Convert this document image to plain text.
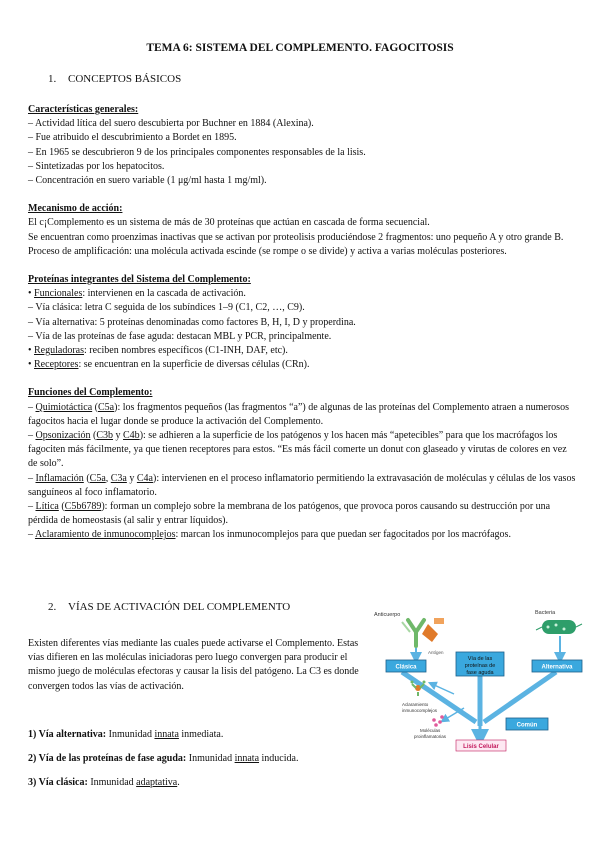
TEMA 6: SISTEMA DEL COMPLEMENTO. FAGOCITOSIS
1. CONCEPTOS BÁSICOS

Características generales:

– Actividad lítica del suero descubierta por Buchner en 1884 (Alexina).

– Fue atribuido el descubrimiento a Bordet en 1895.

– En 1965 se descubrieron 9 de los principales componentes responsables de la lisis.

– Sintetizadas por los hepatocitos.

– Concentración en suero variable (1 μg/ml hasta 1 mg/ml).

Mecanismo de acción:

El c¡Complemento es un sistema de más de 30 proteínas que actúan en cascada de forma secuencial.

Se encuentran como proenzimas inactivas que se activan por proteolisis produciéndose 2 fragmentos: uno pequeño A y otro grande B.

Proceso de amplificación: una molécula activada escinde (se rompe o se divide) y activa a varias moléculas posteriores.

Proteínas integrantes del Sistema del Complemento:

• Funcionales: intervienen en la cascada de activación.

– Vía clásica: letra C seguida de los subíndices 1–9 (C1, C2, …, C9).

– Vía alternativa: 5 proteínas denominadas como factores B, H, I, D y properdina.

– Vía de las proteínas de fase aguda: destacan MBL y PCR, principalmente.

• Reguladoras: reciben nombres específicos (C1-INH, DAF, etc).

• Receptores: se encuentran en la superficie de diversas células (CRn).

Funciones del Complemento:

– Quimiotáctica (C5a): los fragmentos pequeños (las fragmentos “a”) de algunas de las proteínas del Complemento atraen a numerosos fagocitos hacia el lugar donde se produce la activación del Complemento.

– Opsonización (C3b y C4b): se adhieren a la superficie de los patógenos y los hacen más “apetecibles” para que los macrófagos los fagociten más fácilmente, ya que tienen receptores para estos. “Es más fácil comerte un donut con glaseado y virutas de colores en vez de solo”.

– Inflamación (C5a, C3a y C4a): intervienen en el proceso inflamatorio permitiendo la extravasación de moléculas y células de los vasos sanguíneos al foco inflamatorio.

– Lítica (C5b6789): forman un complejo sobre la membrana de los patógenos, que provoca poros causando su destrucción por una pérdida de homeostasis (al salir y entrar líquidos).

– Aclaramiento de inmunocomplejos: marcan los inmunocomplejos para que puedan ser fagocitados por los macrófagos.

2. VÍAS DE ACTIVACIÓN DEL COMPLEMENTO

Existen diferentes vías mediante las cuales puede activarse el Complemento. Estas vías difieren en las moléculas iniciadoras pero luego convergen para producir el mismo juego de moléculas efectoras y causar la lisis del patógeno. La C3 es donde convergen todos las vías de activación.

1) Vía alternativa: Inmunidad innata inmediata.

2) Vía de las proteínas de fase aguda: Inmunidad innata inducida.

3) Vía clásica: Inmunidad adaptativa.

Anticuerpo	Bacteria
Antígen
Clásica
Vía de las
proteínas de
fase aguda
Alternativa
Común
Lisis Celular
Aclaramiento
inmunocomplejos
Moléculas
proinflamatorias
